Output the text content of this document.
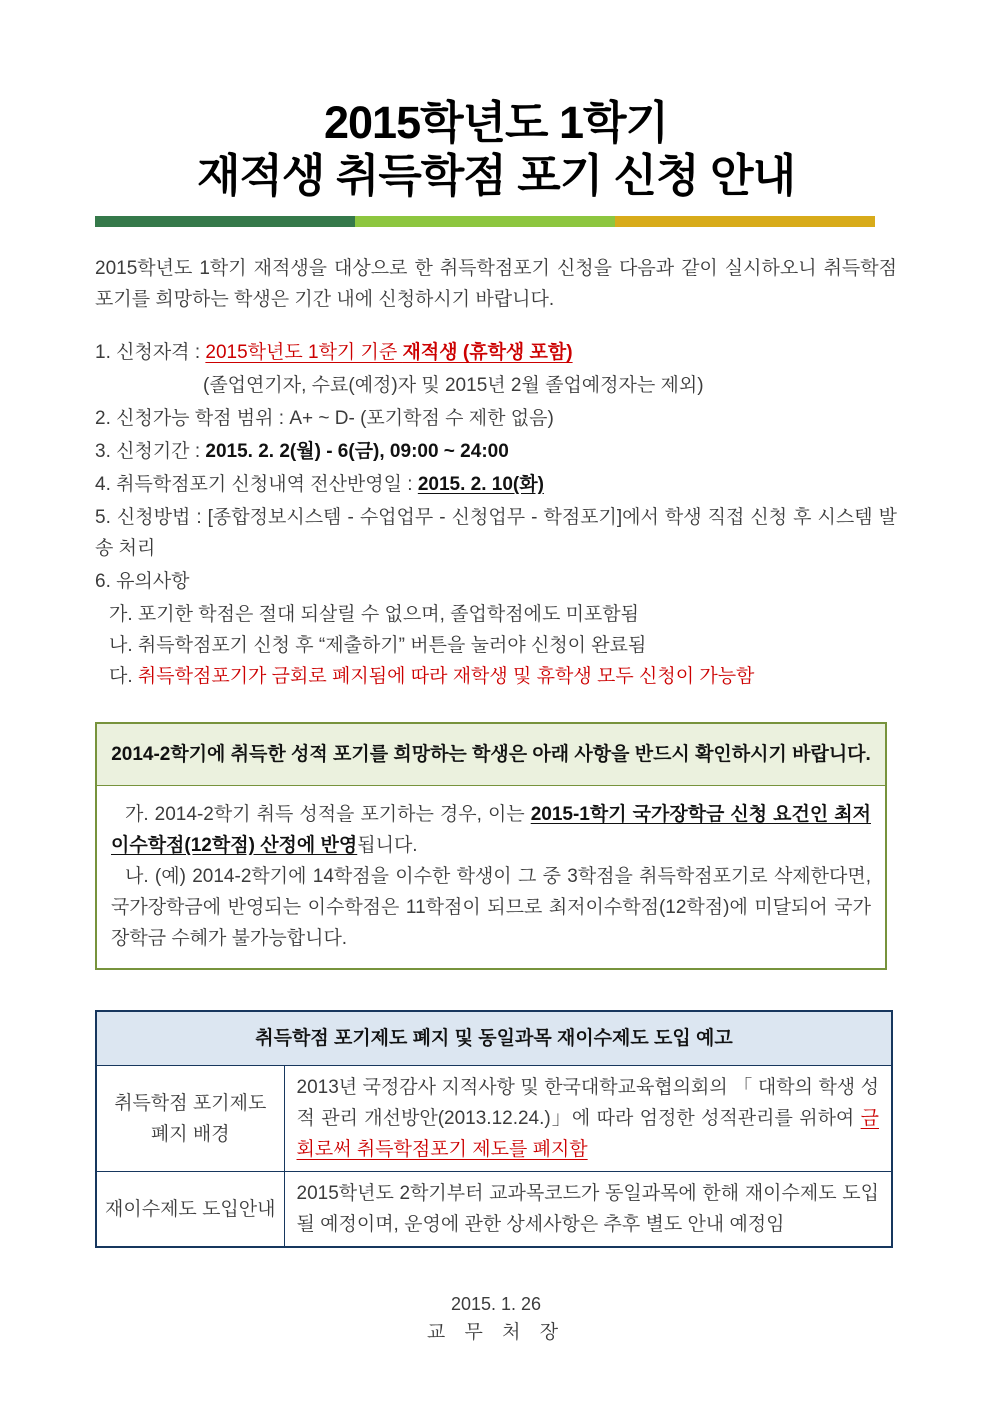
2015학년도 1학기
재적생 취득학점 포기 신청 안내

2015학년도 1학기 재적생을 대상으로 한 취득학점포기 신청을 다음과 같이 실시하오니 취득학점포기를 희망하는 학생은 기간 내에 신청하시기 바랍니다.

1. 신청자격 : 2015학년도 1학기 기준 재적생 (휴학생 포함)

(졸업연기자, 수료(예정)자 및 2015년 2월 졸업예정자는 제외)

2. 신청가능 학점 범위 : A+ ~ D- (포기학점 수 제한 없음)

3. 신청기간 : 2015. 2. 2(월) - 6(금), 09:00 ~ 24:00

4. 취득학점포기 신청내역 전산반영일 : 2015. 2. 10(화)

5. 신청방법 : [종합정보시스템 - 수업업무 - 신청업무 - 학점포기]에서 학생 직접 신청 후 시스템 발송 처리

6. 유의사항

가. 포기한 학점은 절대 되살릴 수 없으며, 졸업학점에도 미포함됨

나. 취득학점포기 신청 후 “제출하기” 버튼을 눌러야 신청이 완료됨

다. 취득학점포기가 금회로 폐지됨에 따라 재학생 및 휴학생 모두 신청이 가능함

2014-2학기에 취득한 성적 포기를 희망하는 학생은 아래 사항을 반드시 확인하시기 바랍니다.

가. 2014-2학기 취득 성적을 포기하는 경우, 이는 2015-1학기 국가장학금 신청 요건인 최저이수학점(12학점) 산정에 반영됩니다.

나. (예) 2014-2학기에 14학점을 이수한 학생이 그 중 3학점을 취득학점포기로 삭제한다면, 국가장학금에 반영되는 이수학점은 11학점이 되므로 최저이수학점(12학점)에 미달되어 국가장학금 수혜가 불가능합니다.

취득학점 포기제도 폐지 및 동일과목 재이수제도 도입 예고	
취득학점 포기제도 폐지 배경	2013년 국정감사 지적사항 및 한국대학교육협의회의 「 대학의 학생 성적 관리 개선방안(2013.12.24.)」에 따라 엄정한 성적관리를 위하여 금회로써 취득학점포기 제도를 폐지함
재이수제도 도입안내	2015학년도 2학기부터 교과목코드가 동일과목에 한해 재이수제도 도입될 예정이며, 운영에 관한 상세사항은 추후 별도 안내 예정임

2015. 1. 26

교 무 처 장
